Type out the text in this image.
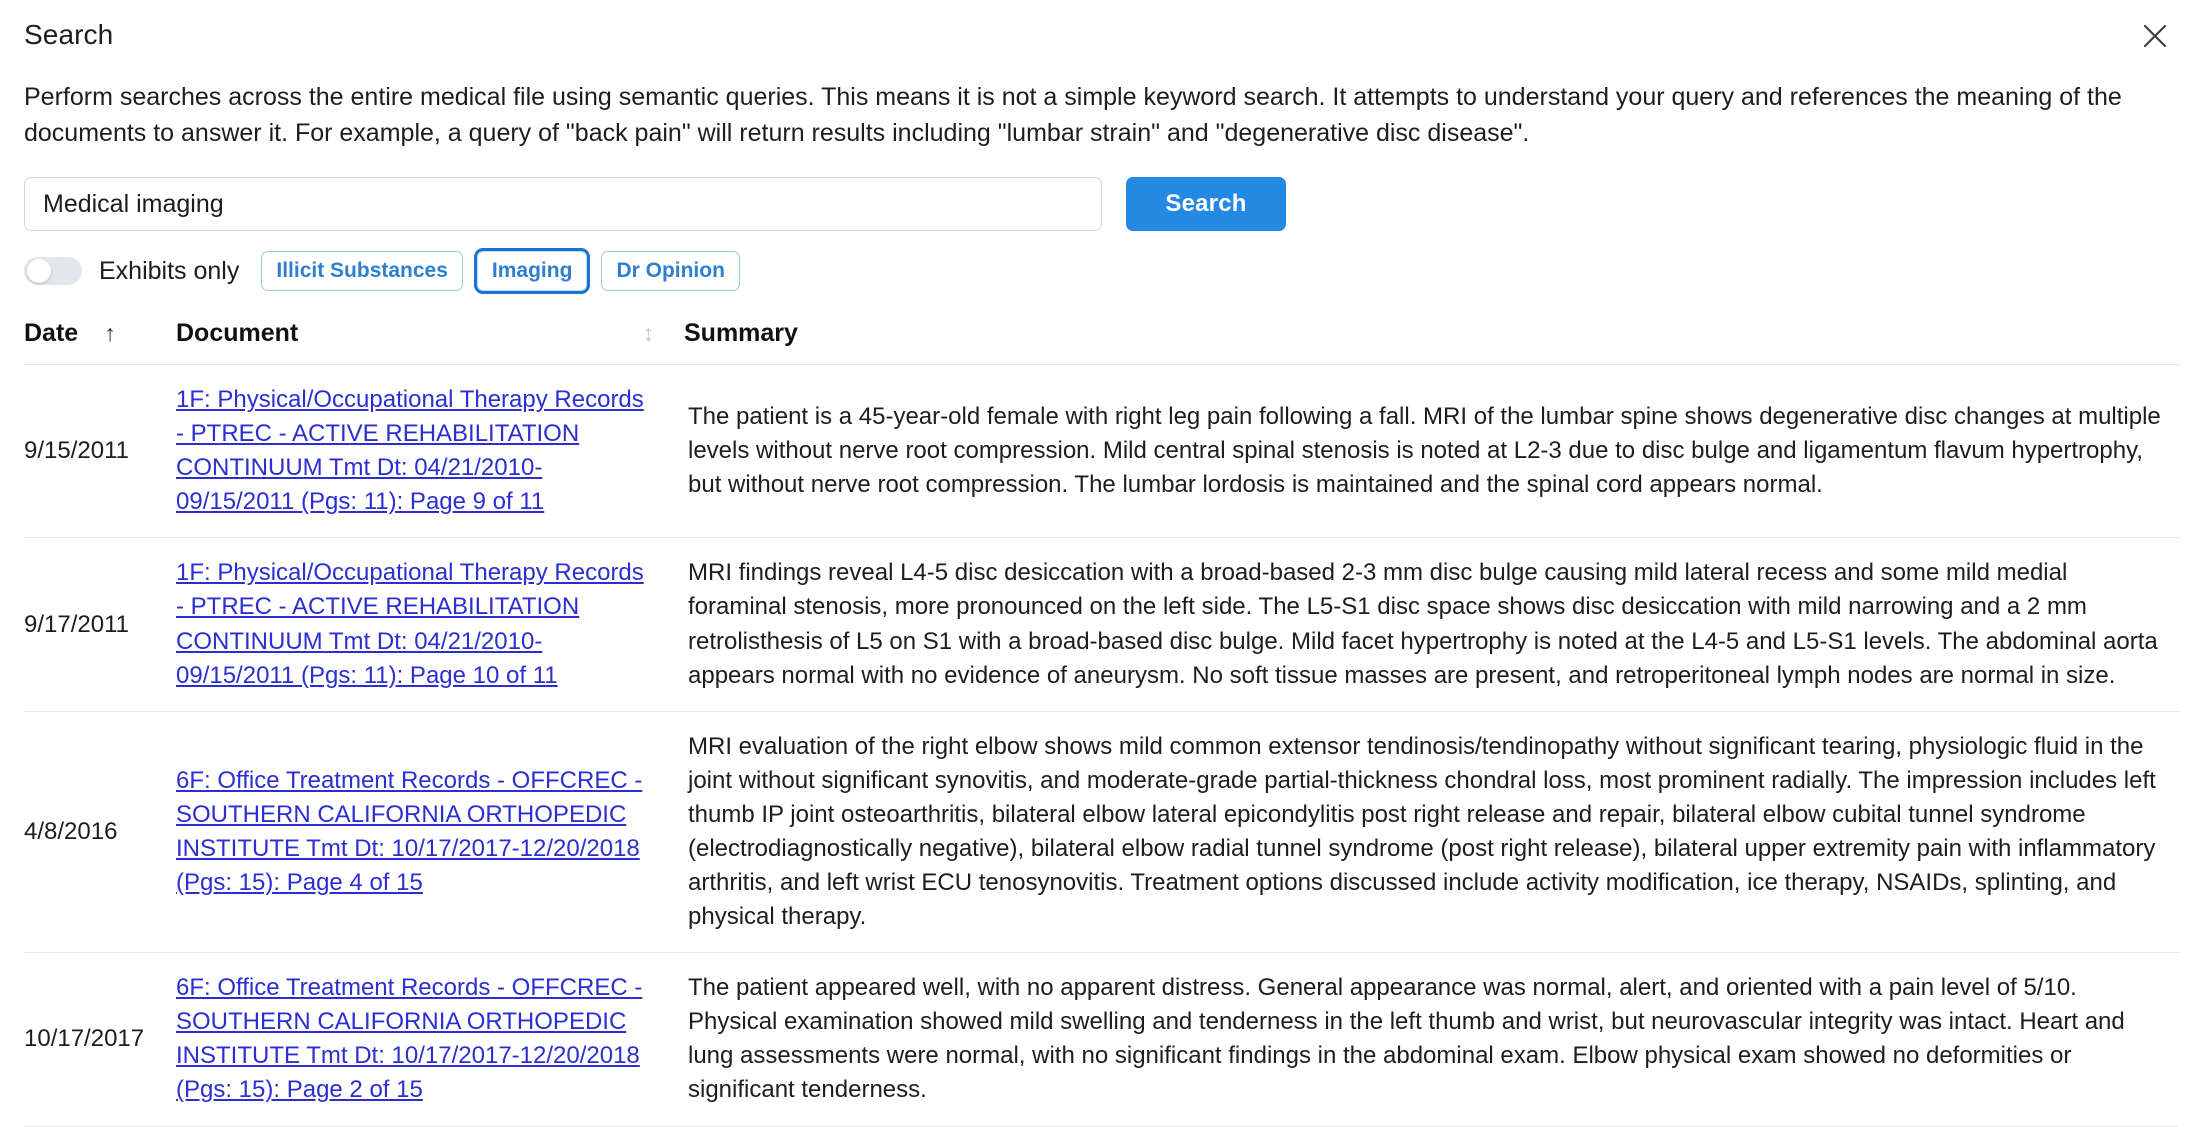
Search
Perform searches across the entire medical file using semantic queries. This means it is not a simple keyword search. It attempts to understand your query and references the meaning of the documents to answer it. For example, a query of "back pain" will return results including "lumbar strain" and "degenerative disc disease".
Medical imaging
Search
Exhibits only	Illicit Substances	Imaging	Dr Opinion
Date ↑	Document ↕	Summary

9/15/2011	1F: Physical/Occupational Therapy Records - PTREC - ACTIVE REHABILITATION CONTINUUM Tmt Dt: 04/21/2010-09/15/2011 (Pgs: 11): Page 9 of 11	The patient is a 45-year-old female with right leg pain following a fall. MRI of the lumbar spine shows degenerative disc changes at multiple levels without nerve root compression. Mild central spinal stenosis is noted at L2-3 due to disc bulge and ligamentum flavum hypertrophy, but without nerve root compression. The lumbar lordosis is maintained and the spinal cord appears normal.
9/17/2011	1F: Physical/Occupational Therapy Records - PTREC - ACTIVE REHABILITATION CONTINUUM Tmt Dt: 04/21/2010-09/15/2011 (Pgs: 11): Page 10 of 11	MRI findings reveal L4-5 disc desiccation with a broad-based 2-3 mm disc bulge causing mild lateral recess and some mild medial foraminal stenosis, more pronounced on the left side. The L5-S1 disc space shows disc desiccation with mild narrowing and a 2 mm retrolisthesis of L5 on S1 with a broad-based disc bulge. Mild facet hypertrophy is noted at the L4-5 and L5-S1 levels. The abdominal aorta appears normal with no evidence of aneurysm. No soft tissue masses are present, and retroperitoneal lymph nodes are normal in size.
4/8/2016	6F: Office Treatment Records - OFFCREC - SOUTHERN CALIFORNIA ORTHOPEDIC INSTITUTE Tmt Dt: 10/17/2017-12/20/2018 (Pgs: 15): Page 4 of 15	MRI evaluation of the right elbow shows mild common extensor tendinosis/tendinopathy without significant tearing, physiologic fluid in the joint without significant synovitis, and moderate-grade partial-thickness chondral loss, most prominent radially. The impression includes left thumb IP joint osteoarthritis, bilateral elbow lateral epicondylitis post right release and repair, bilateral elbow cubital tunnel syndrome (electrodiagnostically negative), bilateral elbow radial tunnel syndrome (post right release), bilateral upper extremity pain with inflammatory arthritis, and left wrist ECU tenosynovitis. Treatment options discussed include activity modification, ice therapy, NSAIDs, splinting, and physical therapy.
10/17/2017	6F: Office Treatment Records - OFFCREC - SOUTHERN CALIFORNIA ORTHOPEDIC INSTITUTE Tmt Dt: 10/17/2017-12/20/2018 (Pgs: 15): Page 2 of 15	The patient appeared well, with no apparent distress. General appearance was normal, alert, and oriented with a pain level of 5/10. Physical examination showed mild swelling and tenderness in the left thumb and wrist, but neurovascular integrity was intact. Heart and lung assessments were normal, with no significant findings in the abdominal exam. Elbow physical exam showed no deformities or significant tenderness.
